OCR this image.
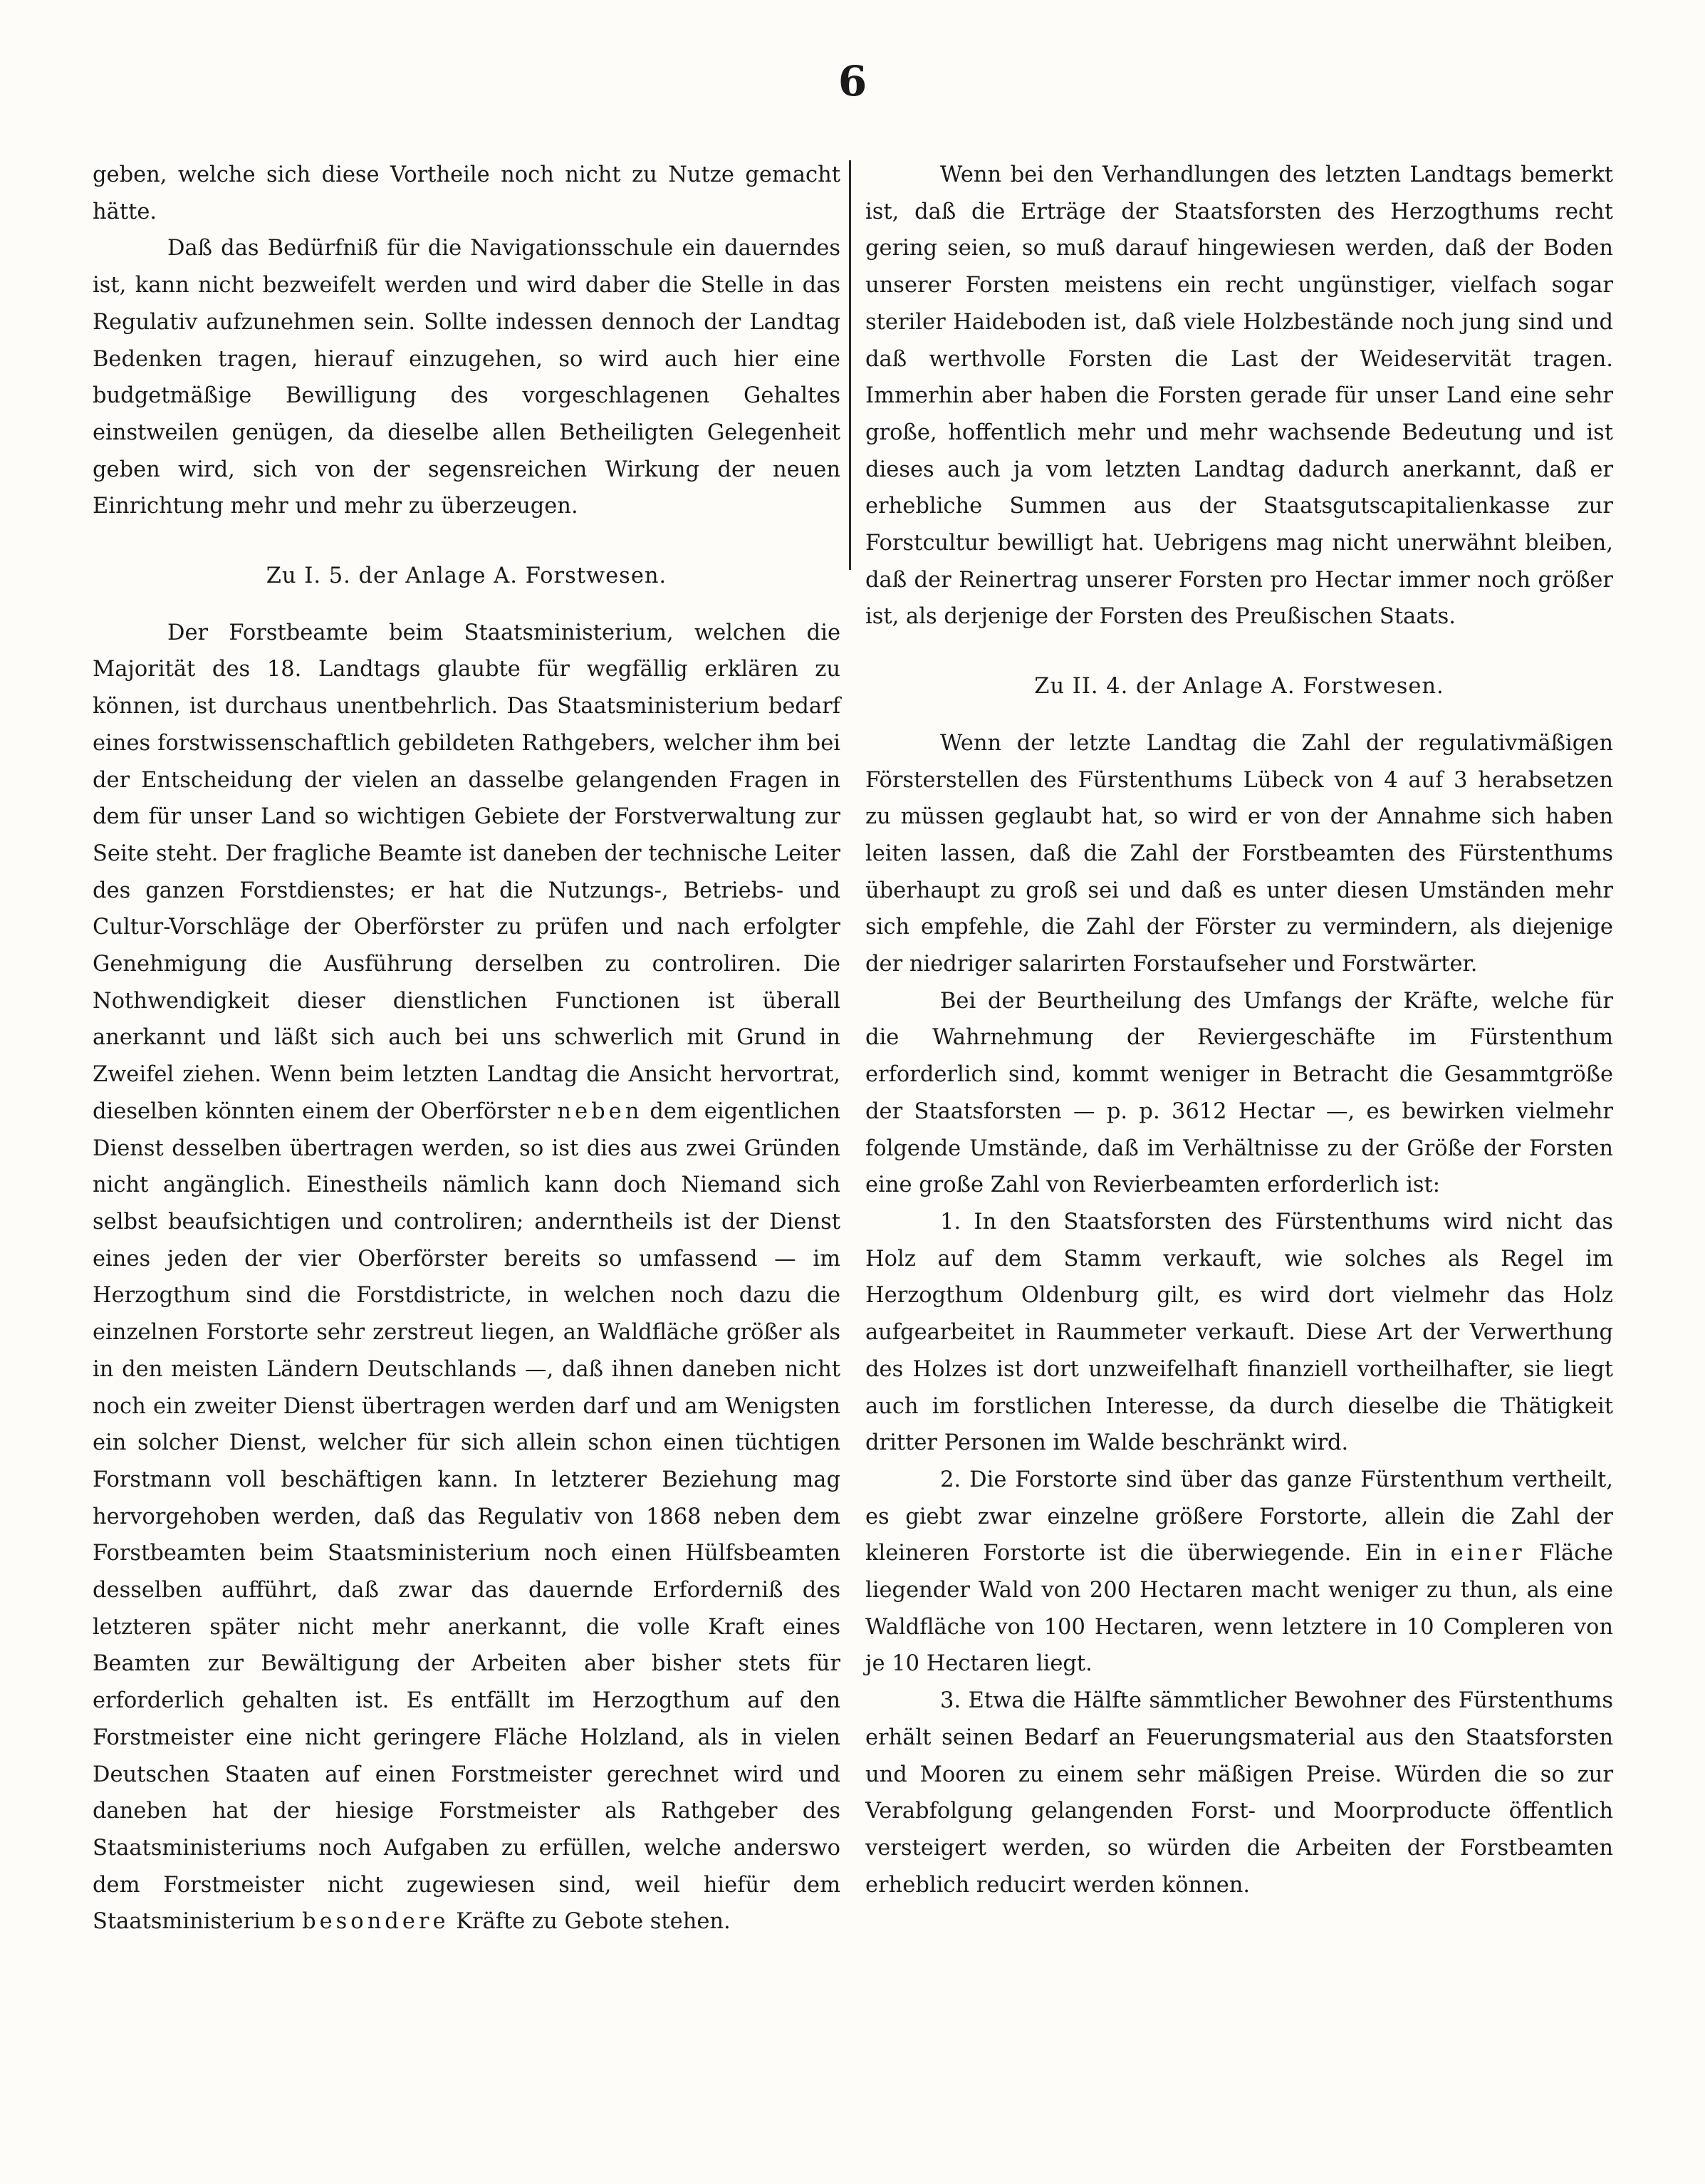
6

geben, welche sich diese Vortheile noch nicht zu Nutze gemacht hätte.

Daß das Bedürfniß für die Navigationsschule ein dauerndes ist, kann nicht bezweifelt werden und wird daber die Stelle in das Regulativ aufzunehmen sein. Sollte indessen dennoch der Landtag Bedenken tragen, hierauf einzugehen, so wird auch hier eine budgetmäßige Bewilligung des vorgeschlagenen Gehaltes einstweilen genügen, da dieselbe allen Betheiligten Gelegenheit geben wird, sich von der segensreichen Wirkung der neuen Einrichtung mehr und mehr zu überzeugen.

Zu I. 5. der Anlage A. Forstwesen.

Der Forstbeamte beim Staatsministerium, welchen die Majorität des 18. Landtags glaubte für wegfällig erklären zu können, ist durchaus unentbehrlich. Das Staatsministerium bedarf eines forstwissenschaftlich gebildeten Rathgebers, welcher ihm bei der Entscheidung der vielen an dasselbe gelangenden Fragen in dem für unser Land so wichtigen Gebiete der Forstverwaltung zur Seite steht. Der fragliche Beamte ist daneben der technische Leiter des ganzen Forstdienstes; er hat die Nutzungs-, Betriebs- und Cultur-Vorschläge der Oberförster zu prüfen und nach erfolgter Genehmigung die Ausführung derselben zu controliren. Die Nothwendigkeit dieser dienstlichen Functionen ist überall anerkannt und läßt sich auch bei uns schwerlich mit Grund in Zweifel ziehen. Wenn beim letzten Landtag die Ansicht hervortrat, dieselben könnten einem der Oberförster neben dem eigentlichen Dienst desselben übertragen werden, so ist dies aus zwei Gründen nicht angänglich. Einestheils nämlich kann doch Niemand sich selbst beaufsichtigen und controliren; anderntheils ist der Dienst eines jeden der vier Oberförster bereits so umfassend — im Herzogthum sind die Forstdistricte, in welchen noch dazu die einzelnen Forstorte sehr zerstreut liegen, an Waldfläche größer als in den meisten Ländern Deutschlands —, daß ihnen daneben nicht noch ein zweiter Dienst übertragen werden darf und am Wenigsten ein solcher Dienst, welcher für sich allein schon einen tüchtigen Forstmann voll beschäftigen kann. In letzterer Beziehung mag hervorgehoben werden, daß das Regulativ von 1868 neben dem Forstbeamten beim Staatsministerium noch einen Hülfsbeamten desselben aufführt, daß zwar das dauernde Erforderniß des letzteren später nicht mehr anerkannt, die volle Kraft eines Beamten zur Bewältigung der Arbeiten aber bisher stets für erforderlich gehalten ist. Es entfällt im Herzogthum auf den Forstmeister eine nicht geringere Fläche Holzland, als in vielen Deutschen Staaten auf einen Forstmeister gerechnet wird und daneben hat der hiesige Forstmeister als Rathgeber des Staatsministeriums noch Aufgaben zu erfüllen, welche anderswo dem Forstmeister nicht zugewiesen sind, weil hiefür dem Staatsministerium besondere Kräfte zu Gebote stehen.

Wenn bei den Verhandlungen des letzten Landtags bemerkt ist, daß die Erträge der Staatsforsten des Herzogthums recht gering seien, so muß darauf hingewiesen werden, daß der Boden unserer Forsten meistens ein recht ungünstiger, vielfach sogar steriler Haideboden ist, daß viele Holzbestände noch jung sind und daß werthvolle Forsten die Last der Weideservität tragen. Immerhin aber haben die Forsten gerade für unser Land eine sehr große, hoffentlich mehr und mehr wachsende Bedeutung und ist dieses auch ja vom letzten Landtag dadurch anerkannt, daß er erhebliche Summen aus der Staatsgutscapitalienkasse zur Forstcultur bewilligt hat. Uebrigens mag nicht unerwähnt bleiben, daß der Reinertrag unserer Forsten pro Hectar immer noch größer ist, als derjenige der Forsten des Preußischen Staats.

Zu II. 4. der Anlage A. Forstwesen.

Wenn der letzte Landtag die Zahl der regulativmäßigen Försterstellen des Fürstenthums Lübeck von 4 auf 3 herabsetzen zu müssen geglaubt hat, so wird er von der Annahme sich haben leiten lassen, daß die Zahl der Forstbeamten des Fürstenthums überhaupt zu groß sei und daß es unter diesen Umständen mehr sich empfehle, die Zahl der Förster zu vermindern, als diejenige der niedriger salarirten Forstaufseher und Forstwärter.

Bei der Beurtheilung des Umfangs der Kräfte, welche für die Wahrnehmung der Reviergeschäfte im Fürstenthum erforderlich sind, kommt weniger in Betracht die Gesammtgröße der Staatsforsten — p. p. 3612 Hectar —, es bewirken vielmehr folgende Umstände, daß im Verhältnisse zu der Größe der Forsten eine große Zahl von Revierbeamten erforderlich ist:

1. In den Staatsforsten des Fürstenthums wird nicht das Holz auf dem Stamm verkauft, wie solches als Regel im Herzogthum Oldenburg gilt, es wird dort vielmehr das Holz aufgearbeitet in Raummeter verkauft. Diese Art der Verwerthung des Holzes ist dort unzweifelhaft finanziell vortheilhafter, sie liegt auch im forstlichen Interesse, da durch dieselbe die Thätigkeit dritter Personen im Walde beschränkt wird.

2. Die Forstorte sind über das ganze Fürstenthum vertheilt, es giebt zwar einzelne größere Forstorte, allein die Zahl der kleineren Forstorte ist die überwiegende. Ein in einer Fläche liegender Wald von 200 Hectaren macht weniger zu thun, als eine Waldfläche von 100 Hectaren, wenn letztere in 10 Compleren von je 10 Hectaren liegt.

3. Etwa die Hälfte sämmtlicher Bewohner des Fürstenthums erhält seinen Bedarf an Feuerungsmaterial aus den Staatsforsten und Mooren zu einem sehr mäßigen Preise. Würden die so zur Verabfolgung gelangenden Forst- und Moorproducte öffentlich versteigert werden, so würden die Arbeiten der Forstbeamten erheblich reducirt werden können.
